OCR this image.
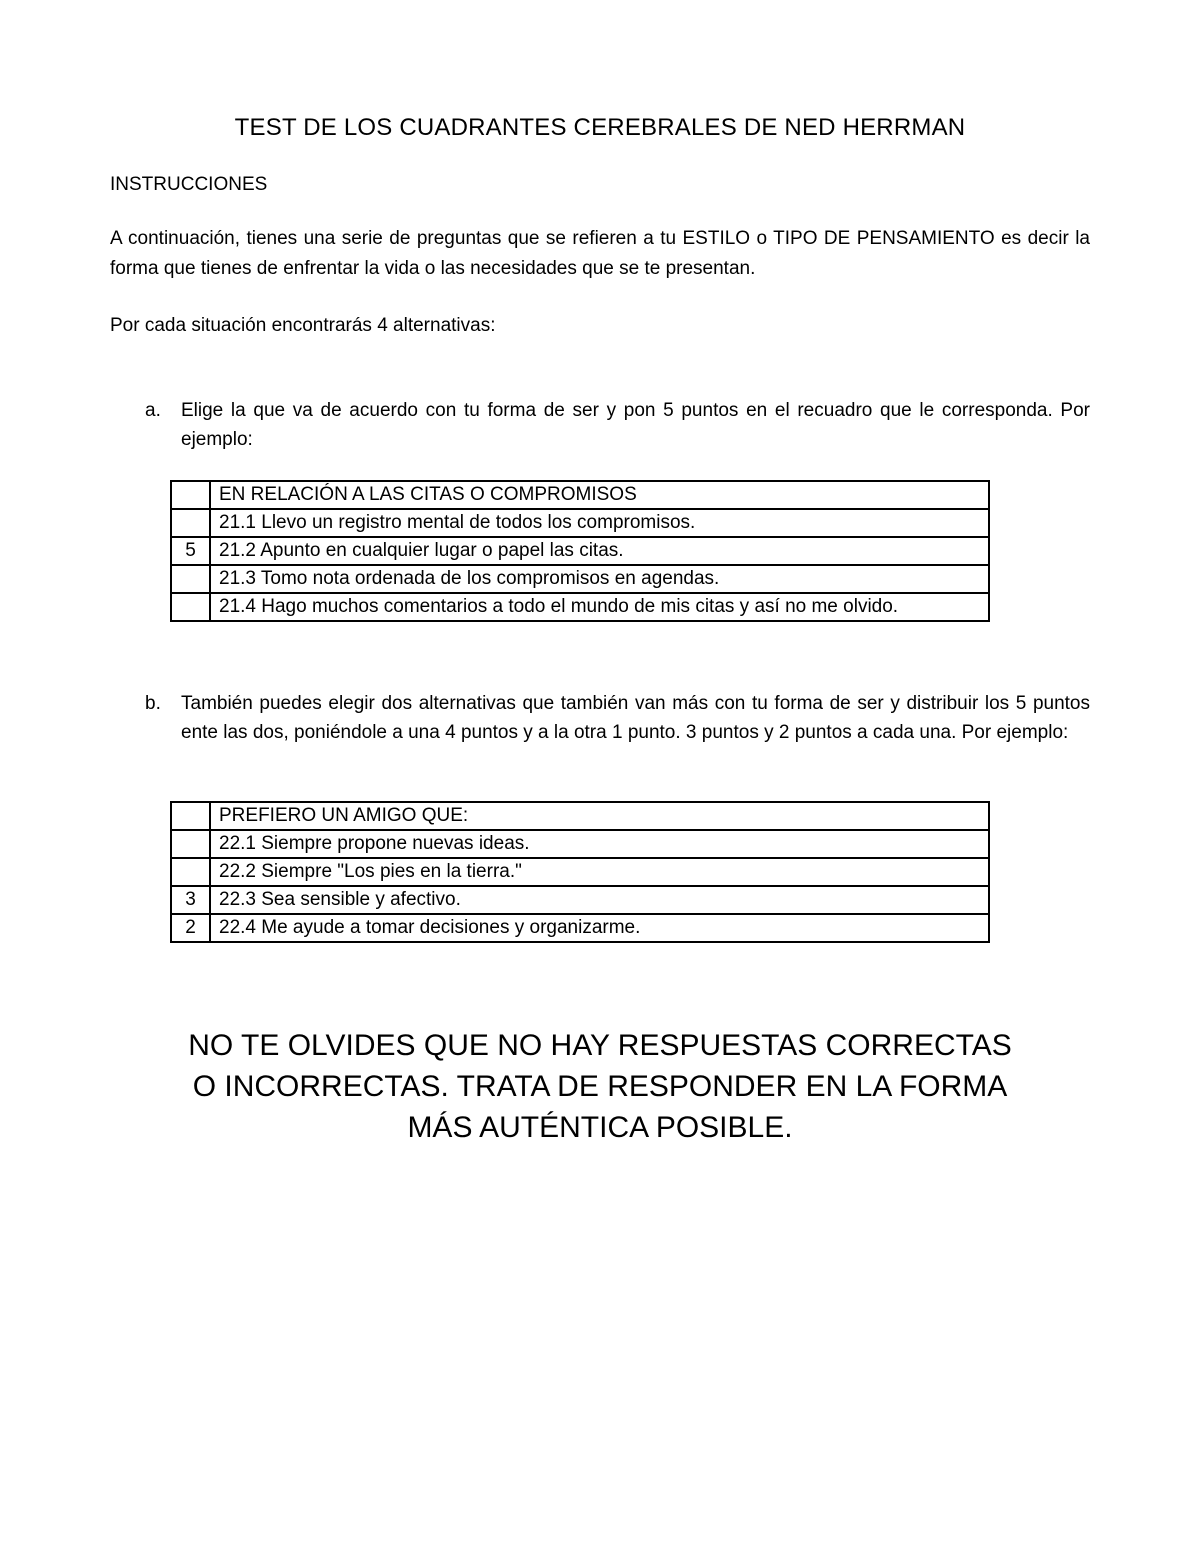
TEST DE LOS CUADRANTES CEREBRALES DE NED HERRMAN
INSTRUCCIONES
A continuación, tienes una serie de preguntas que se refieren a tu ESTILO o TIPO DE PENSAMIENTO es decir la forma que tienes de enfrentar la vida o las necesidades que se te presentan.
Por cada situación encontrarás 4 alternativas:
a.	Elige la que va de acuerdo con tu forma de ser y pon 5 puntos en el recuadro que le corresponda. Por ejemplo:
	EN RELACIÓN A LAS CITAS O COMPROMISOS
	21.1 Llevo un registro mental de todos los compromisos.
5	21.2 Apunto en cualquier lugar o papel las citas.
	21.3 Tomo nota ordenada de los compromisos en agendas.
	21.4 Hago muchos comentarios a todo el mundo de mis citas y así no me olvido.
b.	También puedes elegir dos alternativas que también van más con tu forma de ser y distribuir los 5 puntos ente las dos, poniéndole a una 4 puntos y a la otra 1 punto. 3 puntos y 2 puntos a cada una. Por ejemplo:
	PREFIERO UN AMIGO QUE:
	22.1 Siempre propone nuevas ideas.
	22.2 Siempre "Los pies en la tierra."
3	22.3 Sea sensible y afectivo.
2	22.4 Me ayude a tomar decisiones y organizarme.
NO TE OLVIDES QUE NO HAY RESPUESTAS CORRECTAS O INCORRECTAS. TRATA DE RESPONDER EN LA FORMA MÁS AUTÉNTICA POSIBLE.
